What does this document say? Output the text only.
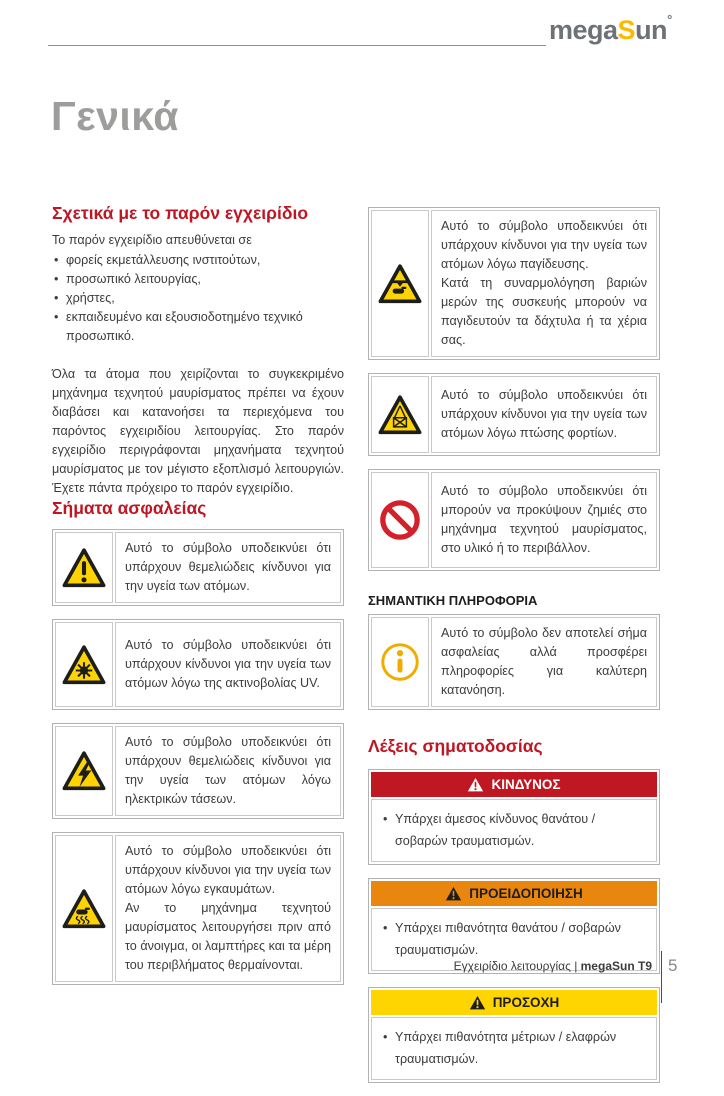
megaSun°
Γενικά
Σχετικά με το παρόν εγχειρίδιο

Το παρόν εγχειρίδιο απευθύνεται σε

• φορείς εκμετάλλευσης ινστιτούτων,
• προσωπικό λειτουργίας,
• χρήστες,
• εκπαιδευμένο και εξουσιοδοτημένο τεχνικό προσωπικό.
Όλα τα άτομα που χειρίζονται το συγκεκριμένο μηχάνημα τεχνητού μαυρίσματος πρέπει να έχουν διαβάσει και κατανοήσει τα περιεχόμενα του παρόντος εγχειριδίου λειτουργίας. Στο παρόν εγχειρίδιο περιγράφονται μηχανήματα τεχνητού μαυρίσματος με τον μέγιστο εξοπλισμό λειτουργιών. Έχετε πάντα πρόχειρο το παρόν εγχειρίδιο.
Σήματα ασφαλείας
Αυτό το σύμβολο υποδεικνύει ότι υπάρχουν θεμελιώδεις κίνδυνοι για την υγεία των ατόμων.
Αυτό το σύμβολο υποδεικνύει ότι υπάρχουν κίνδυνοι για την υγεία των ατόμων λόγω της ακτινοβολίας UV.
Αυτό το σύμβολο υποδεικνύει ότι υπάρχουν θεμελιώδεις κίνδυνοι για την υγεία των ατόμων λόγω ηλεκτρικών τάσεων.
Αυτό το σύμβολο υποδεικνύει ότι υπάρχουν κίνδυνοι για την υγεία των ατόμων λόγω εγκαυμάτων.
Αν το μηχάνημα τεχνητού μαυρίσματος λειτουργήσει πριν από το άνοιγμα, οι λαμπτήρες και τα μέρη του περιβλήματος θερμαίνονται.
Αυτό το σύμβολο υποδεικνύει ότι υπάρχουν κίνδυνοι για την υγεία των ατόμων λόγω παγίδευσης.
Κατά τη συναρμολόγηση βαριών μερών της συσκευής μπορούν να παγιδευτούν τα δάχτυλα ή τα χέρια σας.
Αυτό το σύμβολο υποδεικνύει ότι υπάρχουν κίνδυνοι για την υγεία των ατόμων λόγω πτώσης φορτίων.
Αυτό το σύμβολο υποδεικνύει ότι μπορούν να προκύψουν ζημιές στο μηχάνημα τεχνητού μαυρίσματος, στο υλικό ή το περιβάλλον.
ΣΗΜΑΝΤΙΚΗ ΠΛΗΡΟΦΟΡΙΑ
Αυτό το σύμβολο δεν αποτελεί σήμα ασφαλείας αλλά προσφέρει πληροφορίες για καλύτερη κατανόηση.
Λέξεις σηματοδοσίας
ΚΙΝΔΥΝΟΣ
• Υπάρχει άμεσος κίνδυνος θανάτου / σοβαρών τραυματισμών.
ΠΡΟΕΙΔΟΠΟΙΗΣΗ
• Υπάρχει πιθανότητα θανάτου / σοβαρών τραυματισμών.
ΠΡΟΣΟΧΗ
• Υπάρχει πιθανότητα μέτριων / ελαφρών τραυματισμών.
Εγχειρίδιο λειτουργίας | megaSun T9 5
